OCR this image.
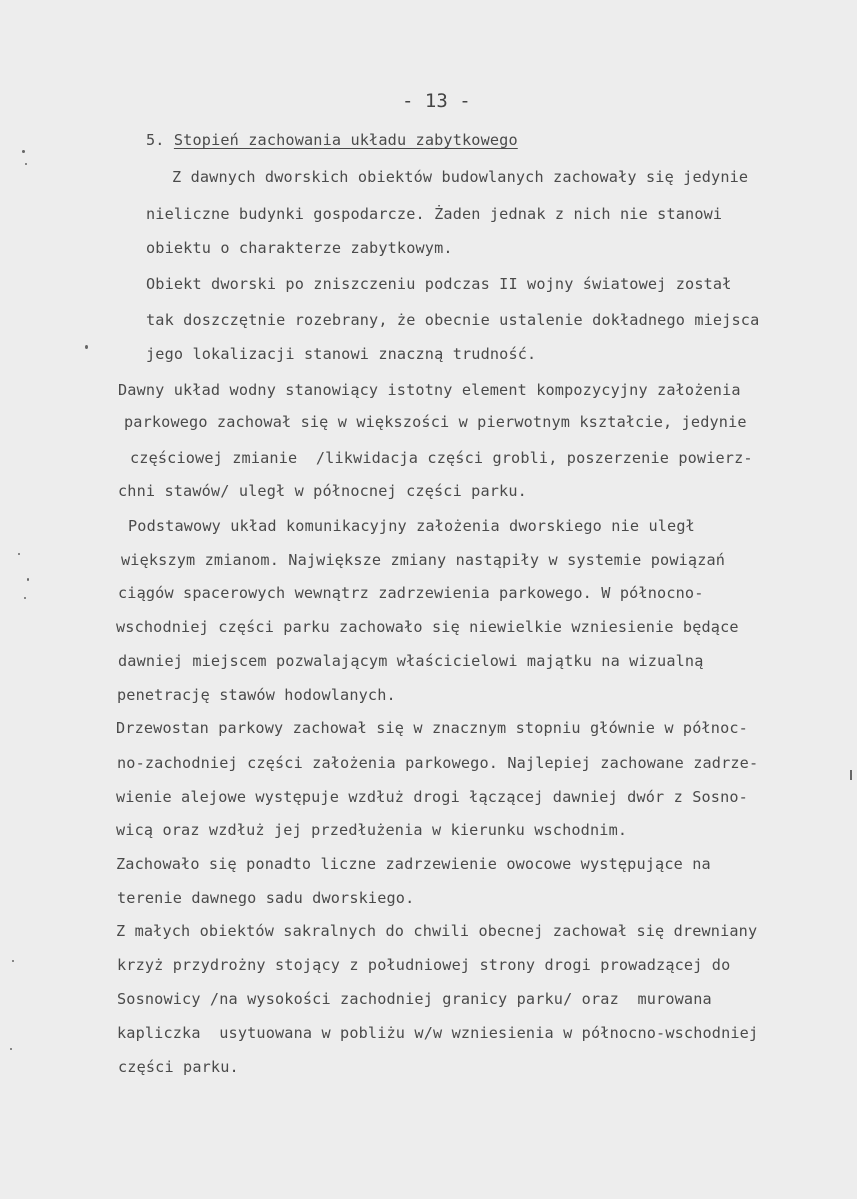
- 13 -
5. Stopień zachowania układu zabytkowego
Z dawnych dworskich obiektów budowlanych zachowały się jedynie
nieliczne budynki gospodarcze. Żaden jednak z nich nie stanowi
obiektu o charakterze zabytkowym.
Obiekt dworski po zniszczeniu podczas II wojny światowej został
tak doszczętnie rozebrany, że obecnie ustalenie dokładnego miejsca
jego lokalizacji stanowi znaczną trudność.
Dawny układ wodny stanowiący istotny element kompozycyjny założenia
parkowego zachował się w większości w pierwotnym kształcie, jedynie
częściowej zmianie  /likwidacja części grobli, poszerzenie powierz-
chni stawów/ uległ w północnej części parku.
Podstawowy układ komunikacyjny założenia dworskiego nie uległ
większym zmianom. Największe zmiany nastąpiły w systemie powiązań
ciągów spacerowych wewnątrz zadrzewienia parkowego. W północno-
wschodniej części parku zachowało się niewielkie wzniesienie będące
dawniej miejscem pozwalającym właścicielowi majątku na wizualną
penetrację stawów hodowlanych.
Drzewostan parkowy zachował się w znacznym stopniu głównie w północ-
no-zachodniej części założenia parkowego. Najlepiej zachowane zadrze-
wienie alejowe występuje wzdłuż drogi łączącej dawniej dwór z Sosno-
wicą oraz wzdłuż jej przedłużenia w kierunku wschodnim.
Zachowało się ponadto liczne zadrzewienie owocowe występujące na
terenie dawnego sadu dworskiego.
Z małych obiektów sakralnych do chwili obecnej zachował się drewniany
krzyż przydrożny stojący z południowej strony drogi prowadzącej do
Sosnowicy /na wysokości zachodniej granicy parku/ oraz  murowana
kapliczka  usytuowana w pobliżu w/w wzniesienia w północno-wschodniej
części parku.
